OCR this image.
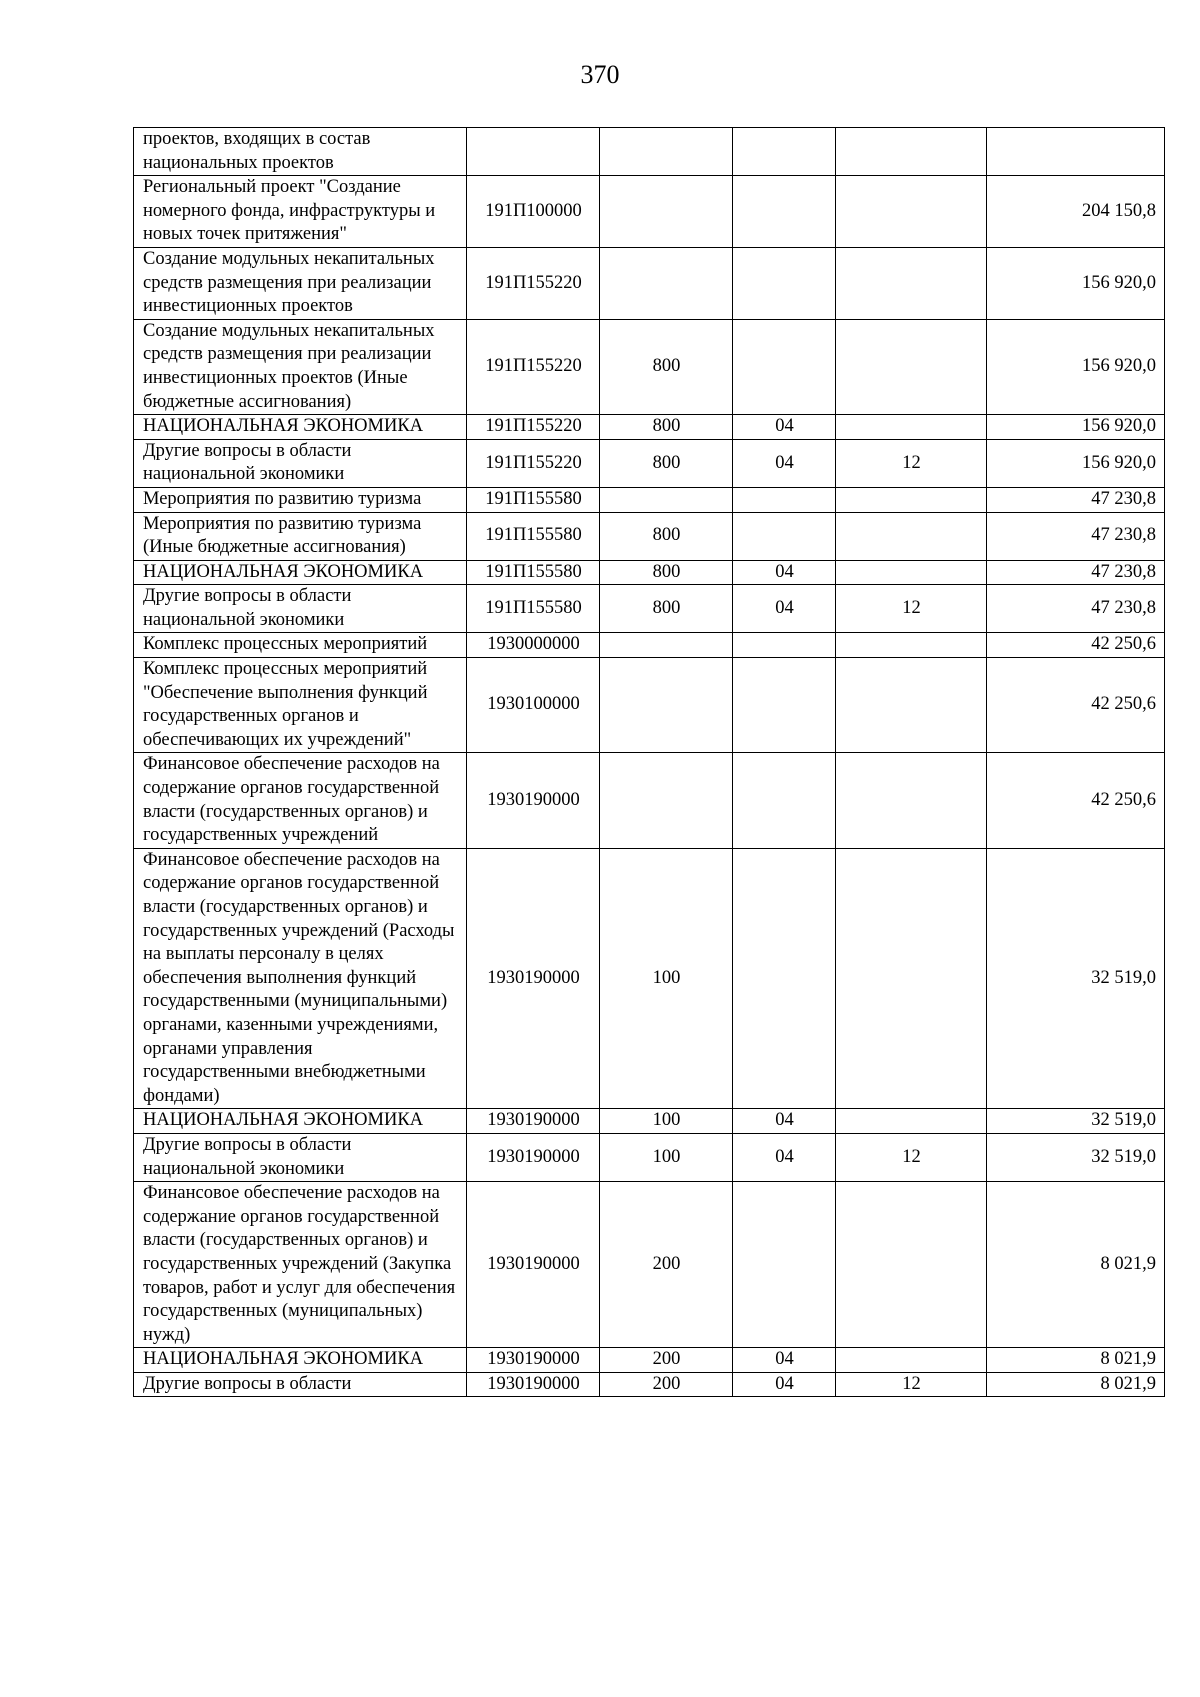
370
проектов, входящих в состав национальных проектов					
Региональный проект "Создание номерного фонда, инфраструктуры и новых точек притяжения"	191П100000				204 150,8
Создание модульных некапитальных средств размещения при реализации инвестиционных проектов	191П155220				156 920,0
Создание модульных некапитальных средств размещения при реализации инвестиционных проектов (Иные бюджетные ассигнования)	191П155220	800			156 920,0
НАЦИОНАЛЬНАЯ ЭКОНОМИКА	191П155220	800	04		156 920,0
Другие вопросы в области национальной экономики	191П155220	800	04	12	156 920,0
Мероприятия по развитию туризма	191П155580				47 230,8
Мероприятия по развитию туризма (Иные бюджетные ассигнования)	191П155580	800			47 230,8
НАЦИОНАЛЬНАЯ ЭКОНОМИКА	191П155580	800	04		47 230,8
Другие вопросы в области национальной экономики	191П155580	800	04	12	47 230,8
Комплекс процессных мероприятий	1930000000				42 250,6
Комплекс процессных мероприятий "Обеспечение выполнения функций государственных органов и обеспечивающих их учреждений"	1930100000				42 250,6
Финансовое обеспечение расходов на содержание органов государственной власти (государственных органов) и государственных учреждений	1930190000				42 250,6
Финансовое обеспечение расходов на содержание органов государственной власти (государственных органов) и государственных учреждений (Расходы на выплаты персоналу в целях обеспечения выполнения функций государственными (муниципальными) органами, казенными учреждениями, органами управления государственными внебюджетными фондами)	1930190000	100			32 519,0
НАЦИОНАЛЬНАЯ ЭКОНОМИКА	1930190000	100	04		32 519,0
Другие вопросы в области национальной экономики	1930190000	100	04	12	32 519,0
Финансовое обеспечение расходов на содержание органов государственной власти (государственных органов) и государственных учреждений (Закупка товаров, работ и услуг для обеспечения государственных (муниципальных) нужд)	1930190000	200			8 021,9
НАЦИОНАЛЬНАЯ ЭКОНОМИКА	1930190000	200	04		8 021,9
Другие вопросы в области	1930190000	200	04	12	8 021,9
